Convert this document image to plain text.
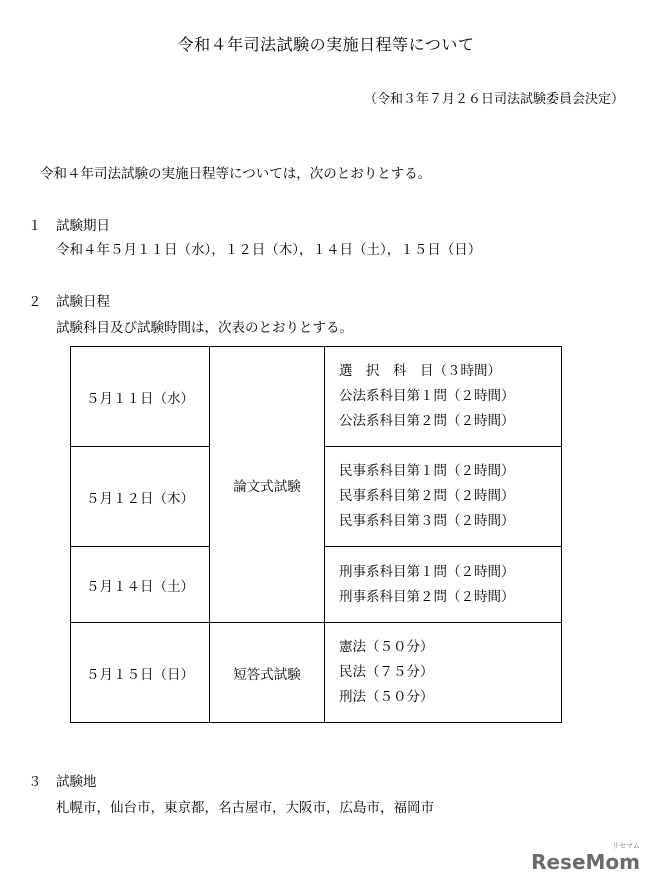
令和４年司法試験の実施日程等について
（令和３年７月２６日司法試験委員会決定）
令和４年司法試験の実施日程等については，次のとおりとする。
１ 試験期日
令和４年５月１１日（水），１２日（木），１４日（土），１５日（日）
２ 試験日程
試験科目及び試験時間は，次表のとおりとする。
５月１１日（水）	論文式試験	選　択　科　目（３時間）
公法系科目第１問（２時間）
公法系科目第２問（２時間）

５月１２日（木）		民事系科目第１問（２時間）
民事系科目第２問（２時間）
民事系科目第３問（２時間）

５月１４日（土）		刑事系科目第１問（２時間）
刑事系科目第２問（２時間）

５月１５日（日）	短答式試験	憲法（５０分）
民法（７５分）
刑法（５０分）
３ 試験地
札幌市，仙台市，東京都，名古屋市，大阪市，広島市，福岡市
ReseMom
リセマム
